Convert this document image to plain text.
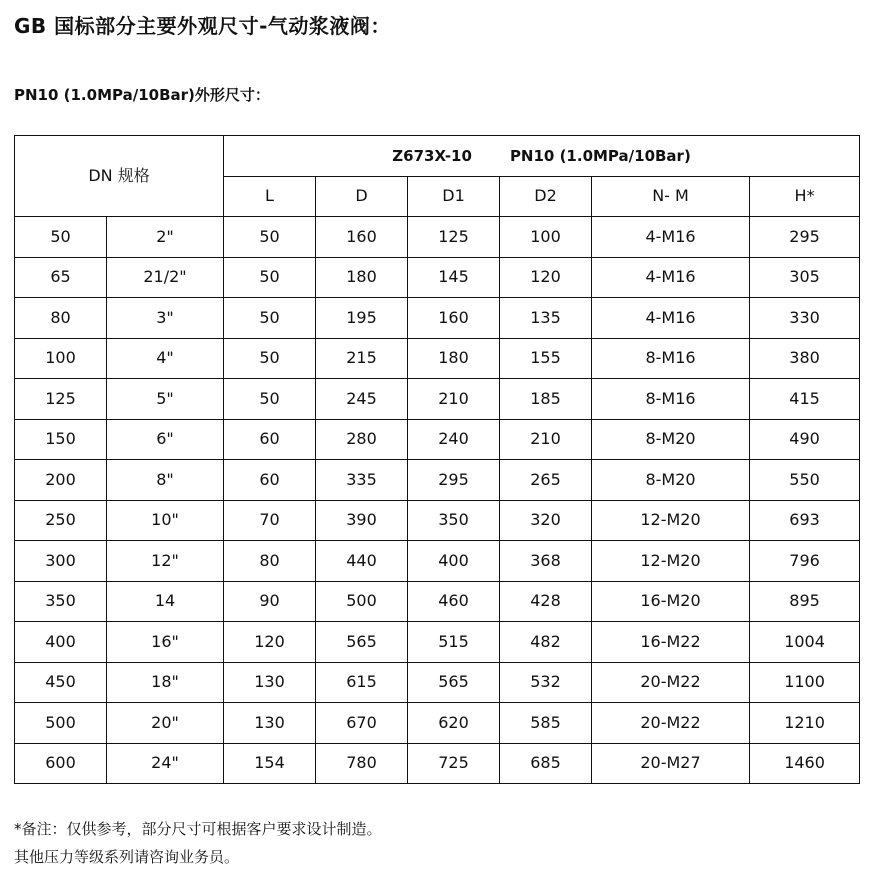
GB 国标部分主要外观尺寸-气动浆液阀：
PN10 (1.0MPa/10Bar)外形尺寸：
DN 规格		Z673X-10 PN10 (1.0MPa/10Bar)					
		L	D	D1	D2	N- M	H*
50	2"	50	160	125	100	4-M16	295
65	21/2"	50	180	145	120	4-M16	305
80	3"	50	195	160	135	4-M16	330
100	4"	50	215	180	155	8-M16	380
125	5"	50	245	210	185	8-M16	415
150	6"	60	280	240	210	8-M20	490
200	8"	60	335	295	265	8-M20	550
250	10"	70	390	350	320	12-M20	693
300	12"	80	440	400	368	12-M20	796
350	14	90	500	460	428	16-M20	895
400	16"	120	565	515	482	16-M22	1004
450	18"	130	615	565	532	20-M22	1100
500	20"	130	670	620	585	20-M22	1210
600	24"	154	780	725	685	20-M27	1460
*备注：仅供参考，部分尺寸可根据客户要求设计制造。
其他压力等级系列请咨询业务员。
